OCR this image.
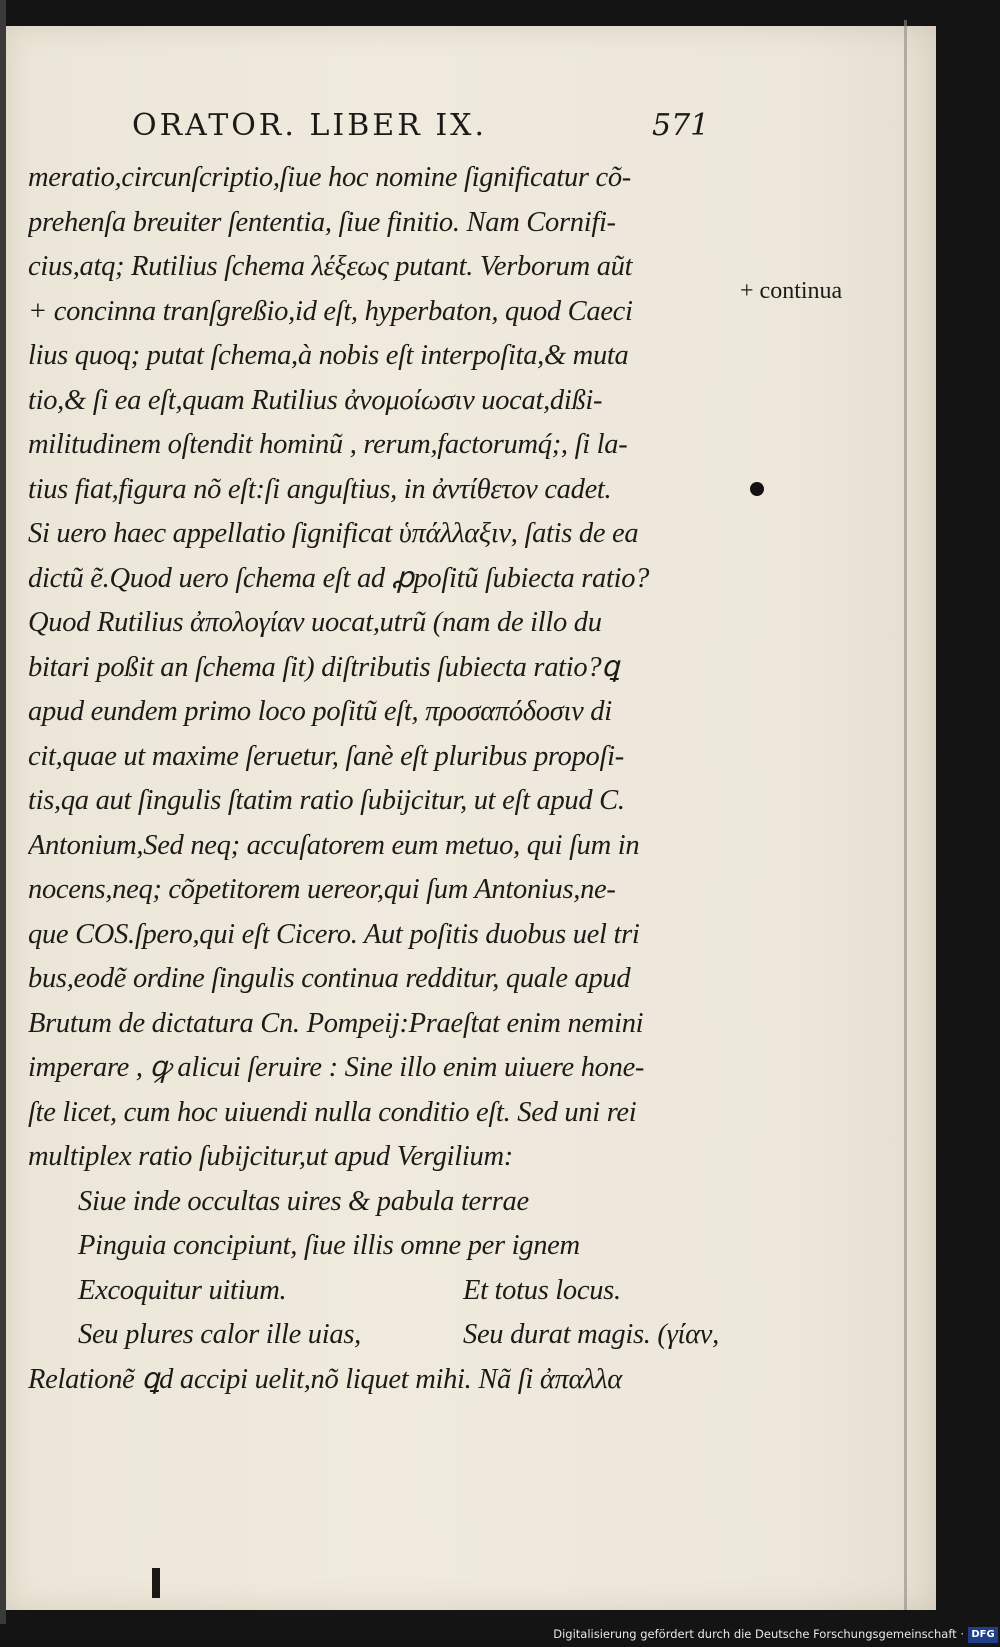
ORATOR. LIBER IX.	571
meratio,circunſcriptio,ſiue hoc nomine ſignificatur cõ-
prehenſa breuiter ſententia, ſiue finitio. Nam Cornifi-
cius,atq; Rutilius ſchema λέξεως putant. Verborum aũt
+ concinna tranſgreßio,id eſt, hyperbaton, quod Caeci
lius quoq; putat ſchema,à nobis eſt interpoſita,& muta
tio,& ſi ea eſt,quam Rutilius ἀνομοίωσιν uocat,dißi-
militudinem oſtendit hominũ , rerum,factorumq́;, ſi la-
tius fiat,figura nõ eſt:ſi anguſtius, in ἀντίθετον cadet.
Si uero haec appellatio ſignificat ὑπάλλαξιν, ſatis de ea
dictũ ẽ.Quod uero ſchema eſt ad ꝓpoſitũ ſubiecta ratio?
Quod Rutilius ἀπολογίαν uocat,utrũ (nam de illo du
bitari poßit an ſchema ſit) diſtributis ſubiecta ratio?ꝗ
apud eundem primo loco poſitũ eſt, προσαπόδοσιν di
cit,quae ut maxime ſeruetur, ſanè eſt pluribus propoſi-
tis,qa aut ſingulis ſtatim ratio ſubijcitur, ut eſt apud C.
Antonium,Sed neq; accuſatorem eum metuo, qui ſum in
nocens,neq; cõpetitorem uereor,qui ſum Antonius,ne-
que COS.ſpero,qui eſt Cicero. Aut poſitis duobus uel tri
bus,eodẽ ordine ſingulis continua redditur, quale apud
Brutum de dictatura Cn. Pompeij:Praeſtat enim nemini
imperare , ꝙ alicui ſeruire : Sine illo enim uiuere hone-
ſte licet, cum hoc uiuendi nulla conditio eſt. Sed uni rei
multiplex ratio ſubijcitur,ut apud Vergilium:
Siue inde occultas uires & pabula terrae
Pinguia concipiunt, ſiue illis omne per ignem
Excoquitur uitium.	Et totus locus.
Seu plures calor ille uias,	Seu durat magis. (γίαν,
Relationẽ ꝗd accipi uelit,nõ liquet mihi. Nã ſi ἀπαλλα
+ continua
Digitalisierung gefördert durch die Deutsche Forschungsgemeinschaft · DFG
